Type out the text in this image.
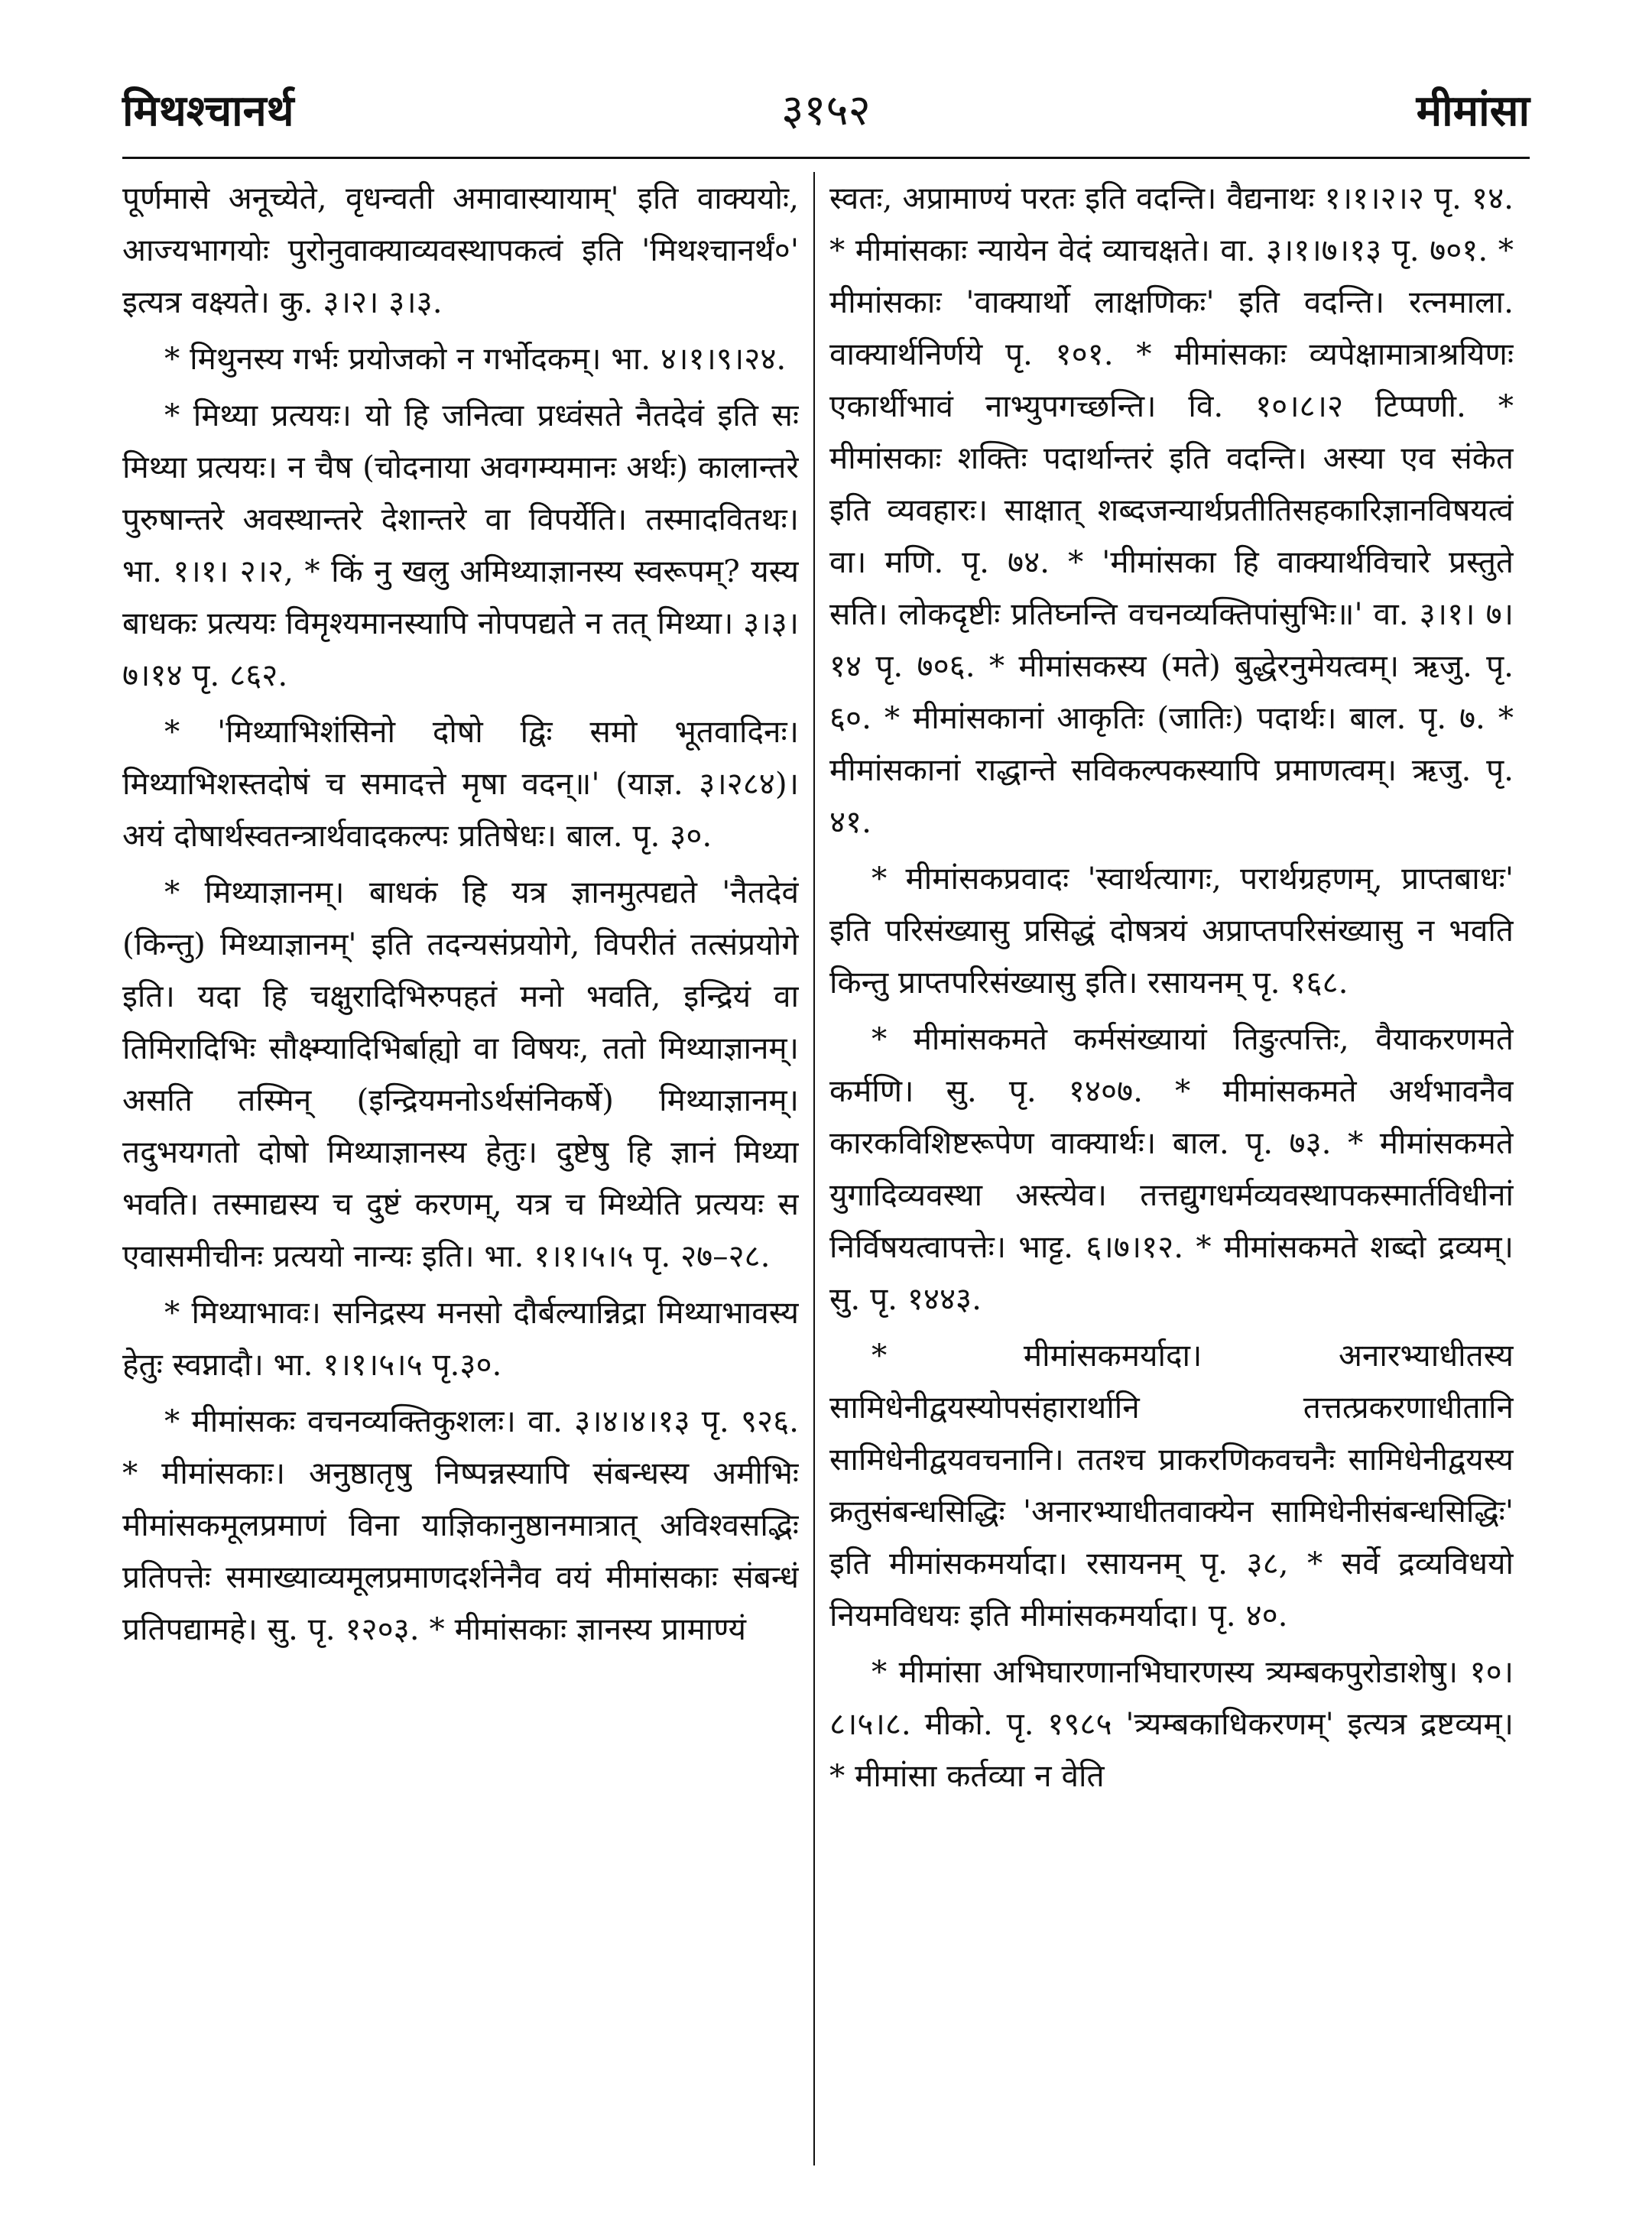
मिथश्चानर्थ	३१५२	मीमांसा

पूर्णमासे अनूच्येते, वृधन्वती अमावास्यायाम्' इति वाक्ययोः, आज्यभागयोः पुरोनुवाक्याव्यवस्थापकत्वं इति 'मिथश्चानर्थं०' इत्यत्र वक्ष्यते। कु. ३।२। ३।३.

* मिथुनस्य गर्भः प्रयोजको न गर्भोदकम्। भा. ४।१।९।२४.

* मिथ्या प्रत्ययः। यो हि जनित्वा प्रध्वंसते नैतदेवं इति सः मिथ्या प्रत्ययः। न चैष (चोदनाया अवगम्यमानः अर्थः) कालान्तरे पुरुषान्तरे अवस्थान्तरे देशान्तरे वा विपर्येति। तस्मादवितथः। भा. १।१। २।२, * किं नु खलु अमिथ्याज्ञानस्य स्वरूपम्? यस्य बाधकः प्रत्ययः विमृश्यमानस्यापि नोपपद्यते न तत् मिथ्या। ३।३।७।१४ पृ. ८६२.

* 'मिथ्याभिशंसिनो दोषो द्विः समो भूतवादिनः। मिथ्याभिशस्तदोषं च समादत्ते मृषा वदन्॥' (याज्ञ. ३।२८४)। अयं दोषार्थस्वतन्त्रार्थवादकल्पः प्रतिषेधः। बाल. पृ. ३०.

* मिथ्याज्ञानम्। बाधकं हि यत्र ज्ञानमुत्पद्यते 'नैतदेवं (किन्तु) मिथ्याज्ञानम्' इति तदन्यसंप्रयोगे, विपरीतं तत्संप्रयोगे इति। यदा हि चक्षुरादिभिरुपहतं मनो भवति, इन्द्रियं वा तिमिरादिभिः सौक्ष्म्यादिभिर्बाह्यो वा विषयः, ततो मिथ्याज्ञानम्। असति तस्मिन् (इन्द्रियमनोऽर्थसंनिकर्षे) मिथ्याज्ञानम्। तदुभयगतो दोषो मिथ्याज्ञानस्य हेतुः। दुष्टेषु हि ज्ञानं मिथ्या भवति। तस्माद्यस्य च दुष्टं करणम्, यत्र च मिथ्येति प्रत्ययः स एवासमीचीनः प्रत्ययो नान्यः इति। भा. १।१।५।५ पृ. २७–२८.

* मिथ्याभावः। सनिद्रस्य मनसो दौर्बल्यान्निद्रा मिथ्याभावस्य हेतुः स्वप्नादौ। भा. १।१।५।५ पृ.३०.

* मीमांसकः वचनव्यक्तिकुशलः। वा. ३।४।४।१३ पृ. ९२६. * मीमांसकाः। अनुष्ठातृषु निष्पन्नस्यापि संबन्धस्य अमीभिः मीमांसकमूलप्रमाणं विना याज्ञिकानुष्ठानमात्रात् अविश्वसद्भिः प्रतिपत्तेः समाख्याव्यमूलप्रमाणदर्शनेनैव वयं मीमांसकाः संबन्धं प्रतिपद्यामहे। सु. पृ. १२०३. * मीमांसकाः ज्ञानस्य प्रामाण्यं

स्वतः, अप्रामाण्यं परतः इति वदन्ति। वैद्यनाथः १।१।२।२ पृ. १४. * मीमांसकाः न्यायेन वेदं व्याचक्षते। वा. ३।१।७।१३ पृ. ७०१. * मीमांसकाः 'वाक्यार्थो लाक्षणिकः' इति वदन्ति। रत्नमाला. वाक्यार्थनिर्णये पृ. १०१. * मीमांसकाः व्यपेक्षामात्राश्रयिणः एकार्थीभावं नाभ्युपगच्छन्ति। वि. १०।८।२ टिप्पणी. * मीमांसकाः शक्तिः पदार्थान्तरं इति वदन्ति। अस्या एव संकेत इति व्यवहारः। साक्षात् शब्दजन्यार्थप्रतीतिसहकारिज्ञानविषयत्वं वा। मणि. पृ. ७४. * 'मीमांसका हि वाक्यार्थविचारे प्रस्तुते सति। लोकदृष्टीः प्रतिघ्नन्ति वचनव्यक्तिपांसुभिः॥' वा. ३।१। ७।१४ पृ. ७०६. * मीमांसकस्य (मते) बुद्धेरनुमेयत्वम्। ऋजु. पृ. ६०. * मीमांसकानां आकृतिः (जातिः) पदार्थः। बाल. पृ. ७. * मीमांसकानां राद्धान्ते सविकल्पकस्यापि प्रमाणत्वम्। ऋजु. पृ. ४१.

* मीमांसकप्रवादः 'स्वार्थत्यागः, परार्थग्रहणम्, प्राप्तबाधः' इति परिसंख्यासु प्रसिद्धं दोषत्रयं अप्राप्तपरिसंख्यासु न भवति किन्तु प्राप्तपरिसंख्यासु इति। रसायनम् पृ. १६८.

* मीमांसकमते कर्मसंख्यायां तिङुत्पत्तिः, वैयाकरणमते कर्मणि। सु. पृ. १४०७. * मीमांसकमते अर्थभावनैव कारकविशिष्टरूपेण वाक्यार्थः। बाल. पृ. ७३. * मीमांसकमते युगादिव्यवस्था अस्त्येव। तत्तद्युगधर्मव्यवस्थापकस्मार्तविधीनां निर्विषयत्वापत्तेः। भाट्ट. ६।७।१२. * मीमांसकमते शब्दो द्रव्यम्। सु. पृ. १४४३.

* मीमांसकमर्यादा। अनारभ्याधीतस्य सामिधेनीद्वयस्योपसंहारार्थानि तत्तत्प्रकरणाधीतानि सामिधेनीद्वयवचनानि। ततश्च प्राकरणिकवचनैः सामिधेनीद्वयस्य क्रतुसंबन्धसिद्धिः 'अनारभ्याधीतवाक्येन सामिधेनीसंबन्धसिद्धिः' इति मीमांसकमर्यादा। रसायनम् पृ. ३८, * सर्वे द्रव्यविधयो नियमविधयः इति मीमांसकमर्यादा। पृ. ४०.

* मीमांसा अभिघारणानभिघारणस्य त्र्यम्बकपुरोडाशेषु। १०।८।५।८. मीको. पृ. १९८५ 'त्र्यम्बकाधिकरणम्' इत्यत्र द्रष्टव्यम्। * मीमांसा कर्तव्या न वेति
